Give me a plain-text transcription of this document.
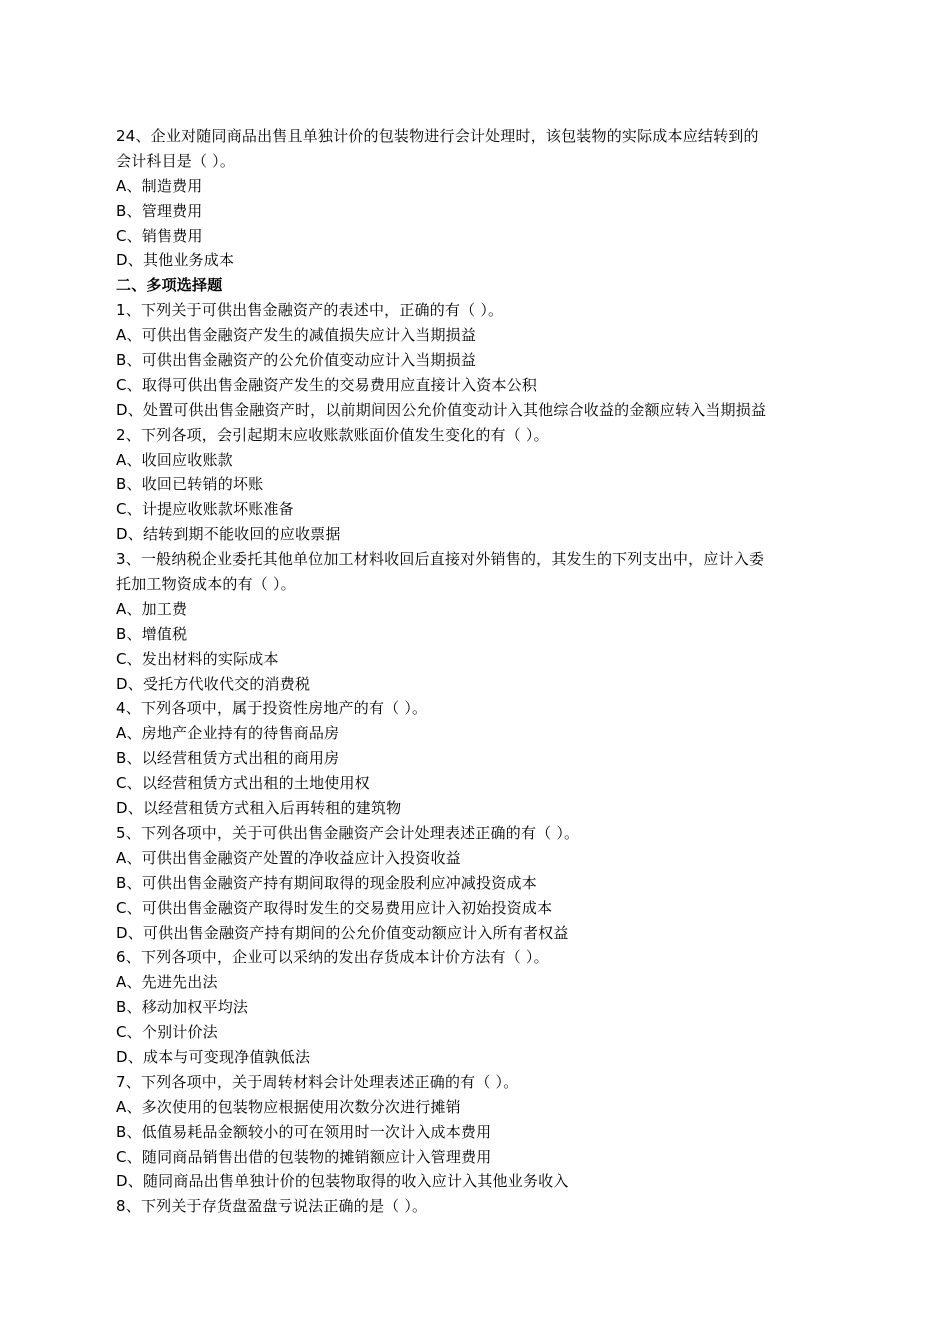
24、企业对随同商品出售且单独计价的包装物进行会计处理时，该包装物的实际成本应结转到的
会计科目是（ ）。
A、制造费用
B、管理费用
C、销售费用
D、其他业务成本
二、多项选择题
1、下列关于可供出售金融资产的表述中，正确的有（ ）。
A、可供出售金融资产发生的减值损失应计入当期损益
B、可供出售金融资产的公允价值变动应计入当期损益
C、取得可供出售金融资产发生的交易费用应直接计入资本公积
D、处置可供出售金融资产时，以前期间因公允价值变动计入其他综合收益的金额应转入当期损益
2、下列各项，会引起期末应收账款账面价值发生变化的有（ ）。
A、收回应收账款
B、收回已转销的坏账
C、计提应收账款坏账准备
D、结转到期不能收回的应收票据
3、一般纳税企业委托其他单位加工材料收回后直接对外销售的，其发生的下列支出中，应计入委
托加工物资成本的有（ ）。
A、加工费
B、增值税
C、发出材料的实际成本
D、受托方代收代交的消费税
4、下列各项中，属于投资性房地产的有（ ）。
A、房地产企业持有的待售商品房
B、以经营租赁方式出租的商用房
C、以经营租赁方式出租的土地使用权
D、以经营租赁方式租入后再转租的建筑物
5、下列各项中，关于可供出售金融资产会计处理表述正确的有（ ）。
A、可供出售金融资产处置的净收益应计入投资收益
B、可供出售金融资产持有期间取得的现金股利应冲减投资成本
C、可供出售金融资产取得时发生的交易费用应计入初始投资成本
D、可供出售金融资产持有期间的公允价值变动额应计入所有者权益
6、下列各项中，企业可以采纳的发出存货成本计价方法有（ ）。
A、先进先出法
B、移动加权平均法
C、个别计价法
D、成本与可变现净值孰低法
7、下列各项中，关于周转材料会计处理表述正确的有（ ）。
A、多次使用的包装物应根据使用次数分次进行摊销
B、低值易耗品金额较小的可在领用时一次计入成本费用
C、随同商品销售出借的包装物的摊销额应计入管理费用
D、随同商品出售单独计价的包装物取得的收入应计入其他业务收入
8、下列关于存货盘盈盘亏说法正确的是（ ）。
